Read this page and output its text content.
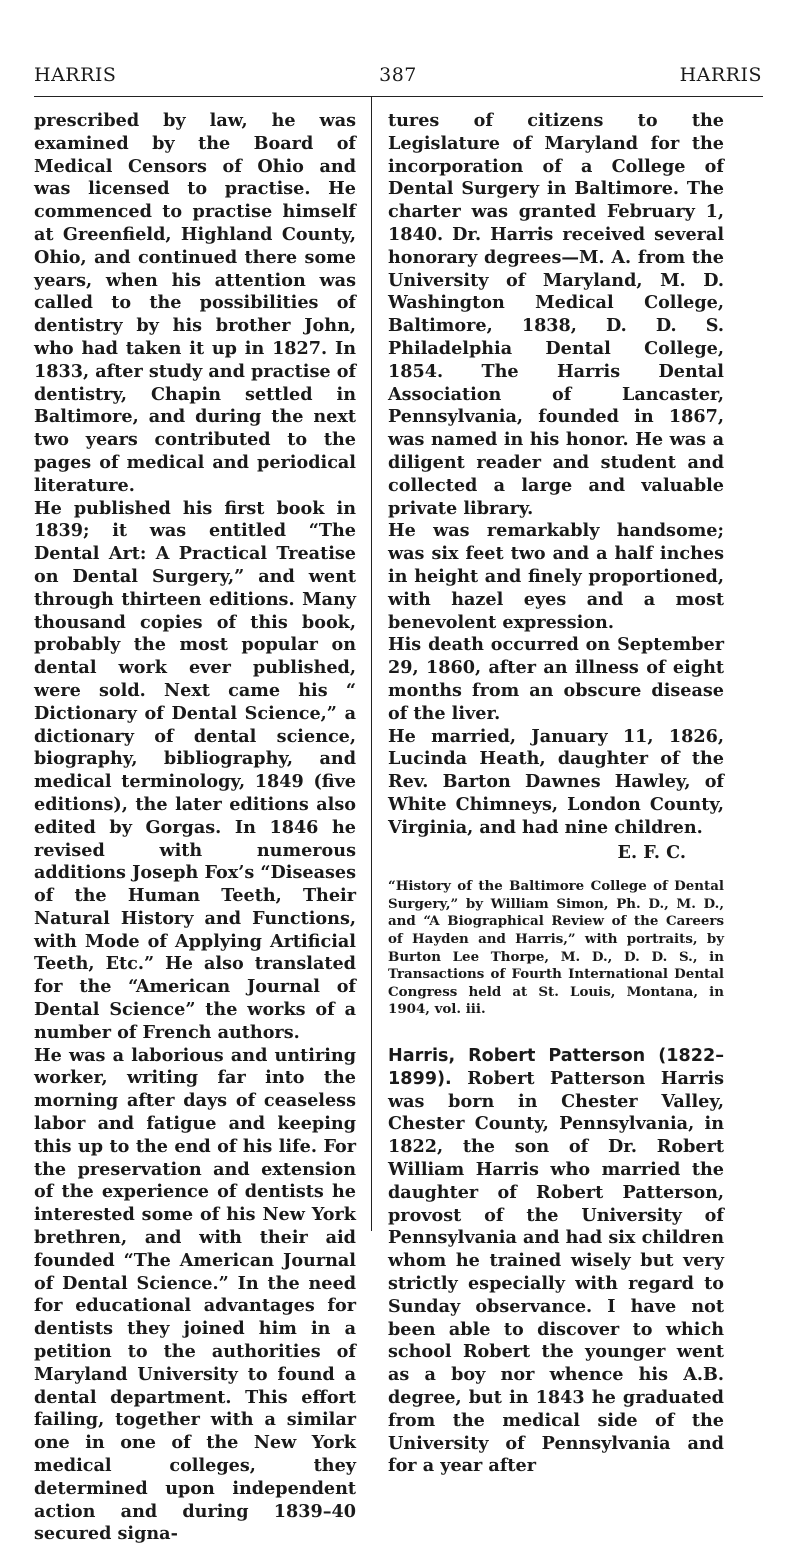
HARRIS	387	HARRIS

prescribed by law, he was examined by the Board of Medical Censors of Ohio and was licensed to practise. He commenced to practise himself at Greenfield, Highland County, Ohio, and continued there some years, when his attention was called to the possibilities of dentistry by his brother John, who had taken it up in 1827. In 1833, after study and practise of dentistry, Chapin settled in Baltimore, and during the next two years contributed to the pages of medical and periodical literature.

He published his first book in 1839; it was entitled “The Dental Art: A Practical Treatise on Dental Surgery,” and went through thirteen editions. Many thousand copies of this book, probably the most popular on dental work ever published, were sold. Next came his “ Dictionary of Dental Science,” a dictionary of dental science, biography, bibliography, and medical terminology, 1849 (five editions), the later editions also edited by Gorgas. In 1846 he revised with numerous additions Joseph Fox’s “Diseases of the Human Teeth, Their Natural History and Functions, with Mode of Applying Artificial Teeth, Etc.” He also translated for the “American Journal of Dental Science” the works of a number of French authors.

He was a laborious and untiring worker, writing far into the morning after days of ceaseless labor and fatigue and keeping this up to the end of his life. For the preservation and extension of the experience of dentists he interested some of his New York brethren, and with their aid founded “The American Journal of Dental Science.” In the need for educational advantages for dentists they joined him in a petition to the authorities of Maryland University to found a dental department. This effort failing, together with a similar one in one of the New York medical colleges, they determined upon independent action and during 1839–40 secured signa-

tures of citizens to the Legislature of Maryland for the incorporation of a College of Dental Surgery in Baltimore. The charter was granted February 1, 1840. Dr. Harris received several honorary degrees—M. A. from the University of Maryland, M. D. Washington Medical College, Baltimore, 1838, D. D. S. Philadelphia Dental College, 1854. The Harris Dental Association of Lancaster, Pennsylvania, founded in 1867, was named in his honor. He was a diligent reader and student and collected a large and valuable private library.

He was remarkably handsome; was six feet two and a half inches in height and finely proportioned, with hazel eyes and a most benevolent expression.

His death occurred on September 29, 1860, after an illness of eight months from an obscure disease of the liver.

He married, January 11, 1826, Lucinda Heath, daughter of the Rev. Barton Dawnes Hawley, of White Chimneys, London County, Virginia, and had nine children.

E. F. C.

“History of the Baltimore College of Dental Surgery,” by William Simon, Ph. D., M. D., and “A Biographical Review of the Careers of Hayden and Harris,” with portraits, by Burton Lee Thorpe, M. D., D. D. S., in Transactions of Fourth International Dental Congress held at St. Louis, Montana, in 1904, vol. iii.

Harris, Robert Patterson (1822–1899). Robert Patterson Harris was born in Chester Valley, Chester County, Pennsylvania, in 1822, the son of Dr. Robert William Harris who married the daughter of Robert Patterson, provost of the University of Pennsylvania and had six children whom he trained wisely but very strictly especially with regard to Sunday observance. I have not been able to discover to which school Robert the younger went as a boy nor whence his A.B. degree, but in 1843 he graduated from the medical side of the University of Pennsylvania and for a year after
